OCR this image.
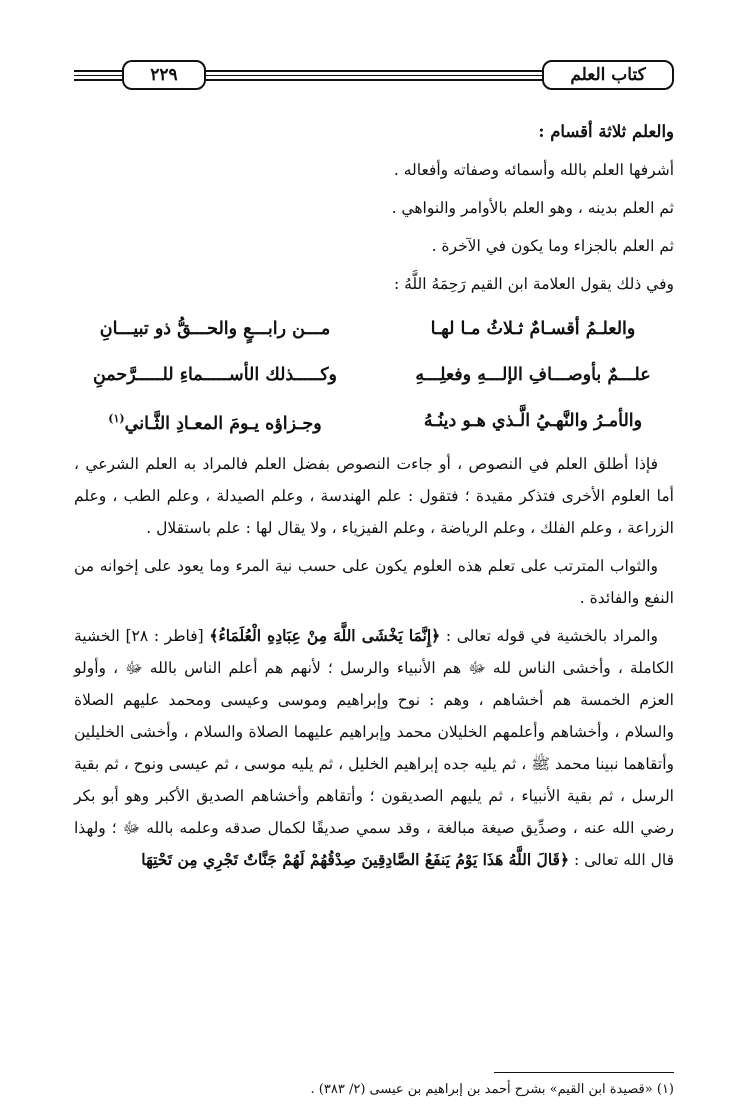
كتاب العلم
٢٢٩

والعلم ثلاثة أقسام :

أشرفها العلم بالله وأسمائه وصفاته وأفعاله .

ثم العلم بدينه ، وهو العلم بالأوامر والنواهي .

ثم العلم بالجزاء وما يكون في الآخرة .

وفي ذلك يقول العلامة ابن القيم رَحِمَهُ اللَّهُ :

والعلـمُ أقسـامٌ ثـلاثُ مـا لهـا
مـــن رابـــعٍ والحـــقُّ ذو تبيـــانِ
علـــمٌ بأوصـــافِ الإلـــهِ وفعلِـــهِ
وكـــــذلك الأســـــماءِ للـــــرَّحمنِ
والأمـرُ والنَّهـيُ الَّـذي هـو دينُـهُ
وجـزاؤه يـومَ المعـادِ الثَّـاني$^{(١)}$

فإذا أطلق العلم في النصوص ، أو جاءت النصوص بفضل العلم فالمراد به العلم الشرعي ، أما العلوم الأخرى فتذكر مقيدة ؛ فتقول : علم الهندسة ، وعلم الصيدلة ، وعلم الطب ، وعلم الزراعة ، وعلم الفلك ، وعلم الرياضة ، وعلم الفيزياء ، ولا يقال لها : علم باستقلال .

والثواب المترتب على تعلم هذه العلوم يكون على حسب نية المرء وما يعود على إخوانه من النفع والفائدة .

والمراد بالخشية في قوله تعالى : ﴿إِنَّمَا يَخْشَى اللَّهَ مِنْ عِبَادِهِ الْعُلَمَاءُ﴾ [فاطر : ٢٨] الخشية الكاملة ، وأخشى الناس لله ﷻ هم الأنبياء والرسل ؛ لأنهم هم أعلم الناس بالله ﷻ ، وأولو العزم الخمسة هم أخشاهم ، وهم : نوح وإبراهيم وموسى وعيسى ومحمد عليهم الصلاة والسلام ، وأخشاهم وأعلمهم الخليلان محمد وإبراهيم عليهما الصلاة والسلام ، وأخشى الخليلين وأتقاهما نبينا محمد ﷺ ، ثم يليه جده إبراهيم الخليل ، ثم يليه موسى ، ثم عيسى ونوح ، ثم بقية الرسل ، ثم بقية الأنبياء ، ثم يليهم الصديقون ؛ وأتقاهم وأخشاهم الصديق الأكبر وهو أبو بكر رضي الله عنه ، وصدِّيق صيغة مبالغة ، وقد سمي صديقًا لكمال صدقه وعلمه بالله ﷻ ؛ ولهذا قال الله تعالى : ﴿قَالَ اللَّهُ هَذَا يَوْمُ يَنفَعُ الصَّادِقِينَ صِدْقُهُمْ لَهُمْ جَنَّاتٌ تَجْرِي مِن تَحْتِهَا

(١) «قصيدة ابن القيم» بشرح أحمد بن إبراهيم بن عيسى (٢/ ٣٨٣) .
